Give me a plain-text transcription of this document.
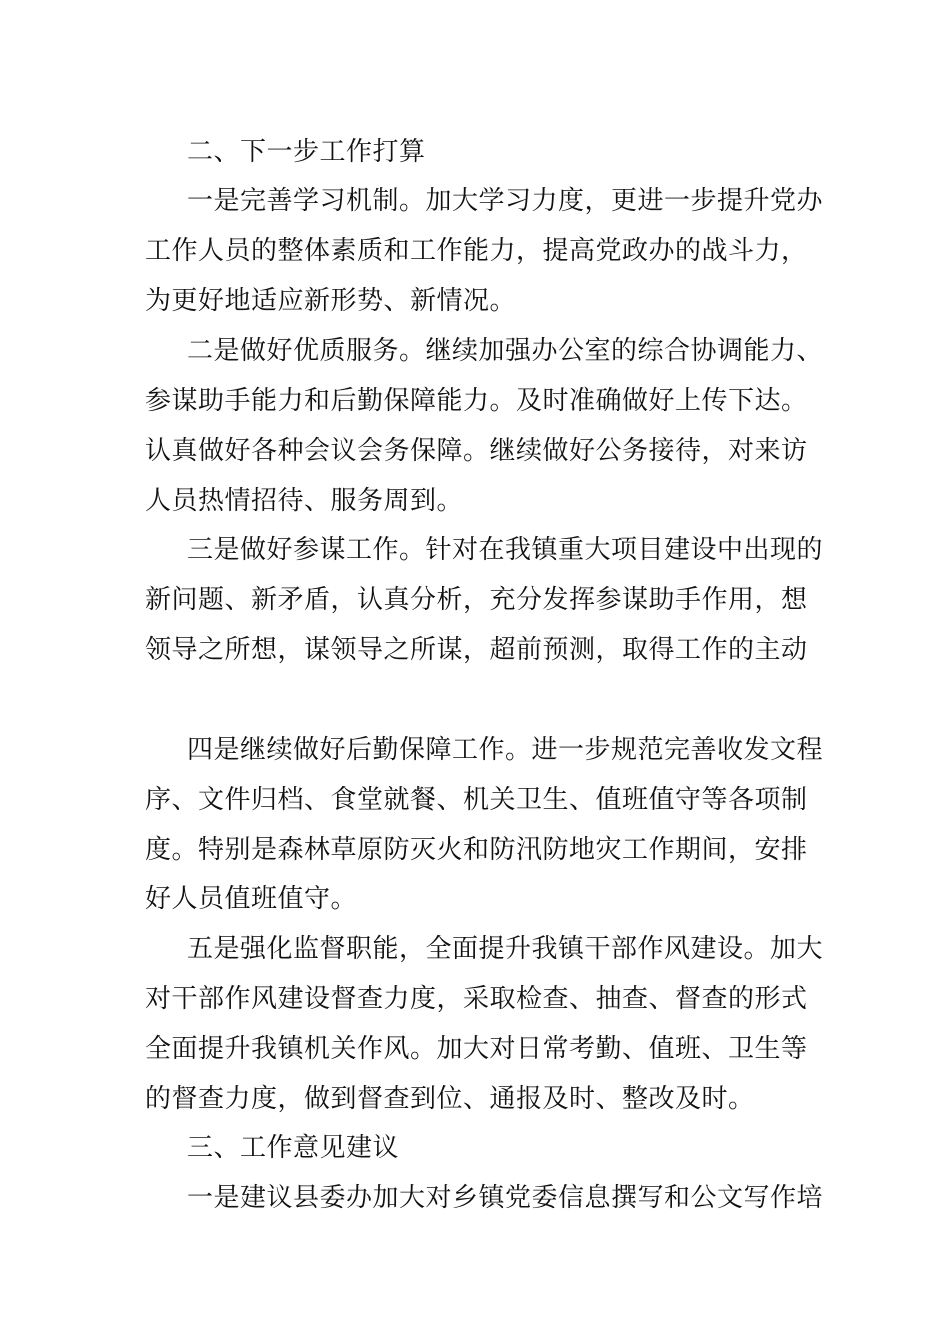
二、下一步工作打算
一是完善学习机制。加大学习力度，更进一步提升党办
工作人员的整体素质和工作能力，提高党政办的战斗力，
为更好地适应新形势、新情况。
二是做好优质服务。继续加强办公室的综合协调能力、
参谋助手能力和后勤保障能力。及时准确做好上传下达。
认真做好各种会议会务保障。继续做好公务接待，对来访
人员热情招待、服务周到。
三是做好参谋工作。针对在我镇重大项目建设中出现的
新问题、新矛盾，认真分析，充分发挥参谋助手作用，想
领导之所想，谋领导之所谋，超前预测，取得工作的主动
四是继续做好后勤保障工作。进一步规范完善收发文程
序、文件归档、食堂就餐、机关卫生、值班值守等各项制
度。特别是森林草原防灭火和防汛防地灾工作期间，安排
好人员值班值守。
五是强化监督职能，全面提升我镇干部作风建设。加大
对干部作风建设督查力度，采取检查、抽查、督查的形式
全面提升我镇机关作风。加大对日常考勤、值班、卫生等
的督查力度，做到督查到位、通报及时、整改及时。
三、工作意见建议
一是建议县委办加大对乡镇党委信息撰写和公文写作培
